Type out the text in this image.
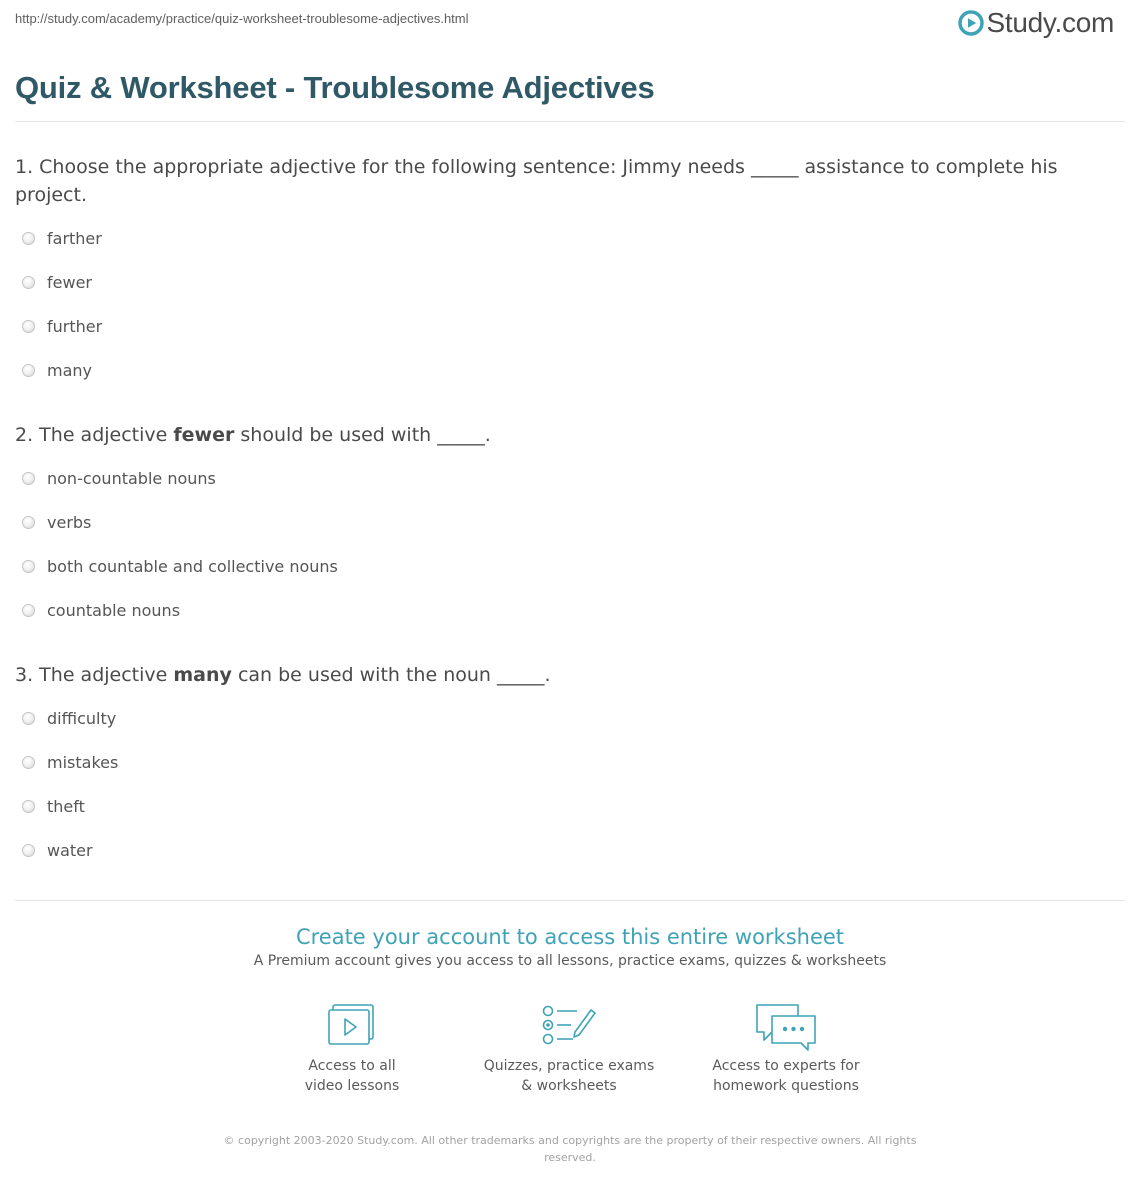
http://study.com/academy/practice/quiz-worksheet-troublesome-adjectives.html	Study.com
Quiz & Worksheet - Troublesome Adjectives
1. Choose the appropriate adjective for the following sentence: Jimmy needs _____ assistance to complete his project.
farther
fewer
further
many
2. The adjective fewer should be used with _____.
non-countable nouns
verbs
both countable and collective nouns
countable nouns
3. The adjective many can be used with the noun _____.
difficulty
mistakes
theft
water
Create your account to access this entire worksheet
A Premium account gives you access to all lessons, practice exams, quizzes & worksheets
Access to all
video lessons
Quizzes, practice exams
& worksheets
Access to experts for
homework questions
© copyright 2003-2020 Study.com. All other trademarks and copyrights are the property of their respective owners. All rights reserved.
